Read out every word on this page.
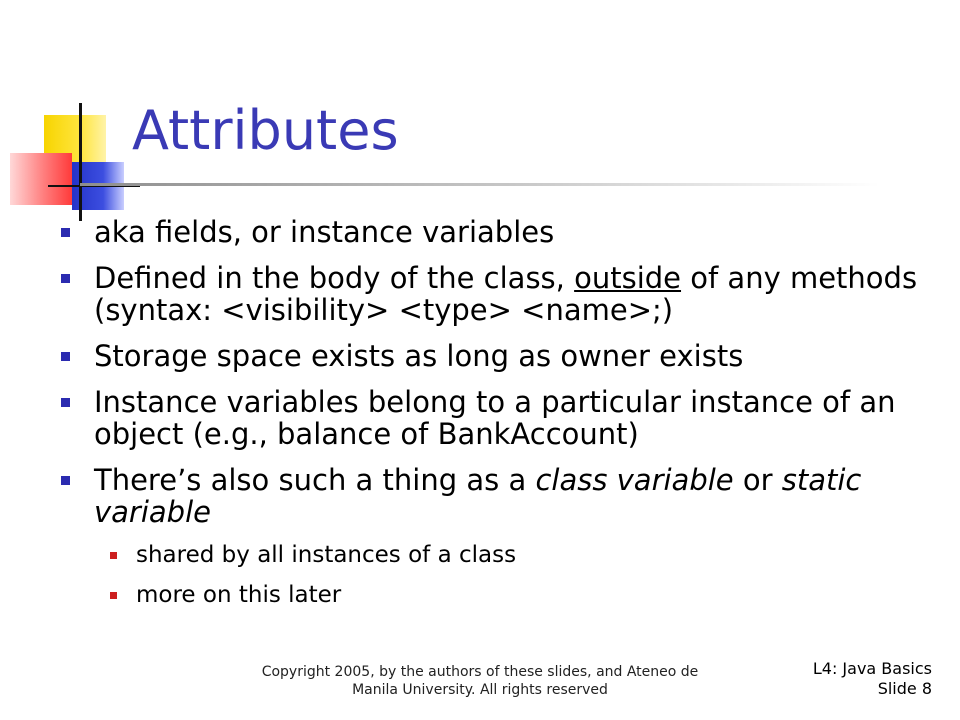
Attributes
aka fields, or instance variables
Defined in the body of the class, outside of any methods (syntax: <visibility> <type> <name>;)
Storage space exists as long as owner exists
Instance variables belong to a particular instance of an object (e.g., balance of BankAccount)
There’s also such a thing as a class variable or static variable
shared by all instances of a class
more on this later
Copyright 2005, by the authors of these slides, and Ateneo de
Manila University. All rights reserved
L4: Java Basics
Slide 8
